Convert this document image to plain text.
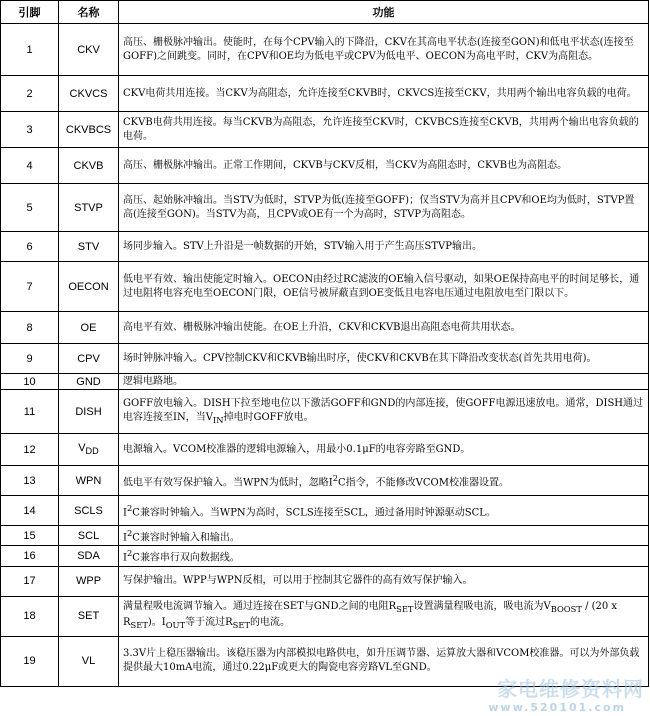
引脚	名称	功能
1	CKV	高压、栅极脉冲输出。使能时，在每个CPV输入的下降沿，CKV在其高电平状态(连接至GON)和低电平状态(连接至GOFF)之间跳变。同时，在CPV和OE均为低电平或CPV为低电平、OECON为高电平时，CKV为高阻态。
2	CKVCS	CKV电荷共用连接。当CKV为高阻态，允许连接至CKVB时，CKVCS连接至CKV，共用两个输出电容负载的电荷。
3	CKVBCS	CKVB电荷共用连接。每当CKVB为高阻态，允许连接至CKV时，CKVBCS连接至CKVB，共用两个输出电容负载的电荷。
4	CKVB	高压、栅极脉冲输出。正常工作期间，CKVB与CKV反相，当CKV为高阻态时，CKVB也为高阻态。
5	STVP	高压、起始脉冲输出。当STV为低时，STVP为低(连接至GOFF)；仅当STV为高并且CPV和OE均为低时，STVP置高(连接至GON)。当STV为高，且CPV或OE有一个为高时，STVP为高阻态。
6	STV	场同步输入。STV上升沿是一帧数据的开始，STV输入用于产生高压STVP输出。
7	OECON	低电平有效、输出使能定时输入。OECON由经过RC滤波的OE输入信号驱动，如果OE保持高电平的时间足够长，通过电阻将电容充电至OECON门限，OE信号被屏蔽直到OE变低且电容电压通过电阻放电至门限以下。
8	OE	高电平有效、栅极脉冲输出使能。在OE上升沿，CKV和CKVB退出高阻态电荷共用状态。
9	CPV	场时钟脉冲输入。CPV控制CKV和CKVB输出时序，使CKV和CKVB在其下降沿改变状态(首先共用电荷)。
10	GND	逻辑电路地。
11	DISH	GOFF放电输入。DISH下拉至地电位以下激活GOFF和GND的内部连接，使GOFF电源迅速放电。通常，DISH通过电容连接至IN，当$V_{IN}$掉电时GOFF放电。
12	$V_{DD}$	电源输入。VCOM校准器的逻辑电源输入，用最小0.1μF的电容旁路至GND。
13	WPN	低电平有效写保护输入。当WPN为低时，忽略$I^2C$指令，不能修改VCOM校准器设置。
14	SCLS	$I^2C$兼容时钟输入。当WPN为高时，SCLS连接至SCL，通过备用时钟源驱动SCL。
15	SCL	$I^2C$兼容时钟输入和输出。
16	SDA	$I^2C$兼容串行双向数据线。
17	WPP	写保护输出。WPP与WPN反相，可以用于控制其它器件的高有效写保护输入。
18	SET	满量程吸电流调节输入。通过连接在SET与GND之间的电阻$R_{SET}$设置满量程吸电流，吸电流为$V_{BOOST} / (20$ x $R_{SET}$)。$I_{OUT}$等于流过$R_{SET}$的电流。
19	VL	3.3V片上稳压器输出。该稳压器为内部模拟电路供电，如升压调节器、运算放大器和VCOM校准器。可以为外部负载提供最大10mA电流，通过0.22μF或更大的陶瓷电容旁路VL至GND。
家电维修资料网
www.520101.com
